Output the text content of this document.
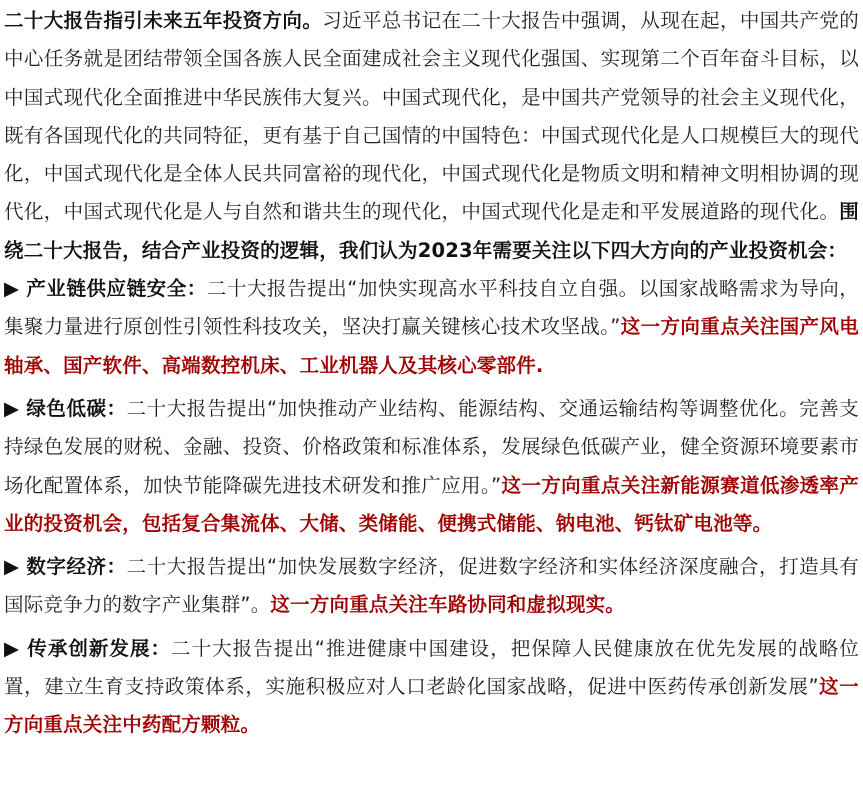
二十大报告指引未来五年投资方向。习近平总书记在二十大报告中强调，从现在起，中国共产党的中心任务就是团结带领全国各族人民全面建成社会主义现代化强国、实现第二个百年奋斗目标，以中国式现代化全面推进中华民族伟大复兴。中国式现代化，是中国共产党领导的社会主义现代化，既有各国现代化的共同特征，更有基于自己国情的中国特色：中国式现代化是人口规模巨大的现代化，中国式现代化是全体人民共同富裕的现代化，中国式现代化是物质文明和精神文明相协调的现代化，中国式现代化是人与自然和谐共生的现代化，中国式现代化是走和平发展道路的现代化。围绕二十大报告，结合产业投资的逻辑，我们认为2023年需要关注以下四大方向的产业投资机会：

▶ 产业链供应链安全：二十大报告提出“加快实现高水平科技自立自强。以国家战略需求为导向，集聚力量进行原创性引领性科技攻关，坚决打赢关键核心技术攻坚战。”这一方向重点关注国产风电轴承、国产软件、高端数控机床、工业机器人及其核心零部件.

▶ 绿色低碳：二十大报告提出“加快推动产业结构、能源结构、交通运输结构等调整优化。完善支持绿色发展的财税、金融、投资、价格政策和标准体系，发展绿色低碳产业，健全资源环境要素市场化配置体系，加快节能降碳先进技术研发和推广应用。”这一方向重点关注新能源赛道低渗透率产业的投资机会，包括复合集流体、大储、类储能、便携式储能、钠电池、钙钛矿电池等。

▶ 数字经济：二十大报告提出“加快发展数字经济，促进数字经济和实体经济深度融合，打造具有国际竞争力的数字产业集群”。这一方向重点关注车路协同和虚拟现实。

▶ 传承创新发展：二十大报告提出“推进健康中国建设，把保障人民健康放在优先发展的战略位置，建立生育支持政策体系，实施积极应对人口老龄化国家战略，促进中医药传承创新发展”这一方向重点关注中药配方颗粒。
